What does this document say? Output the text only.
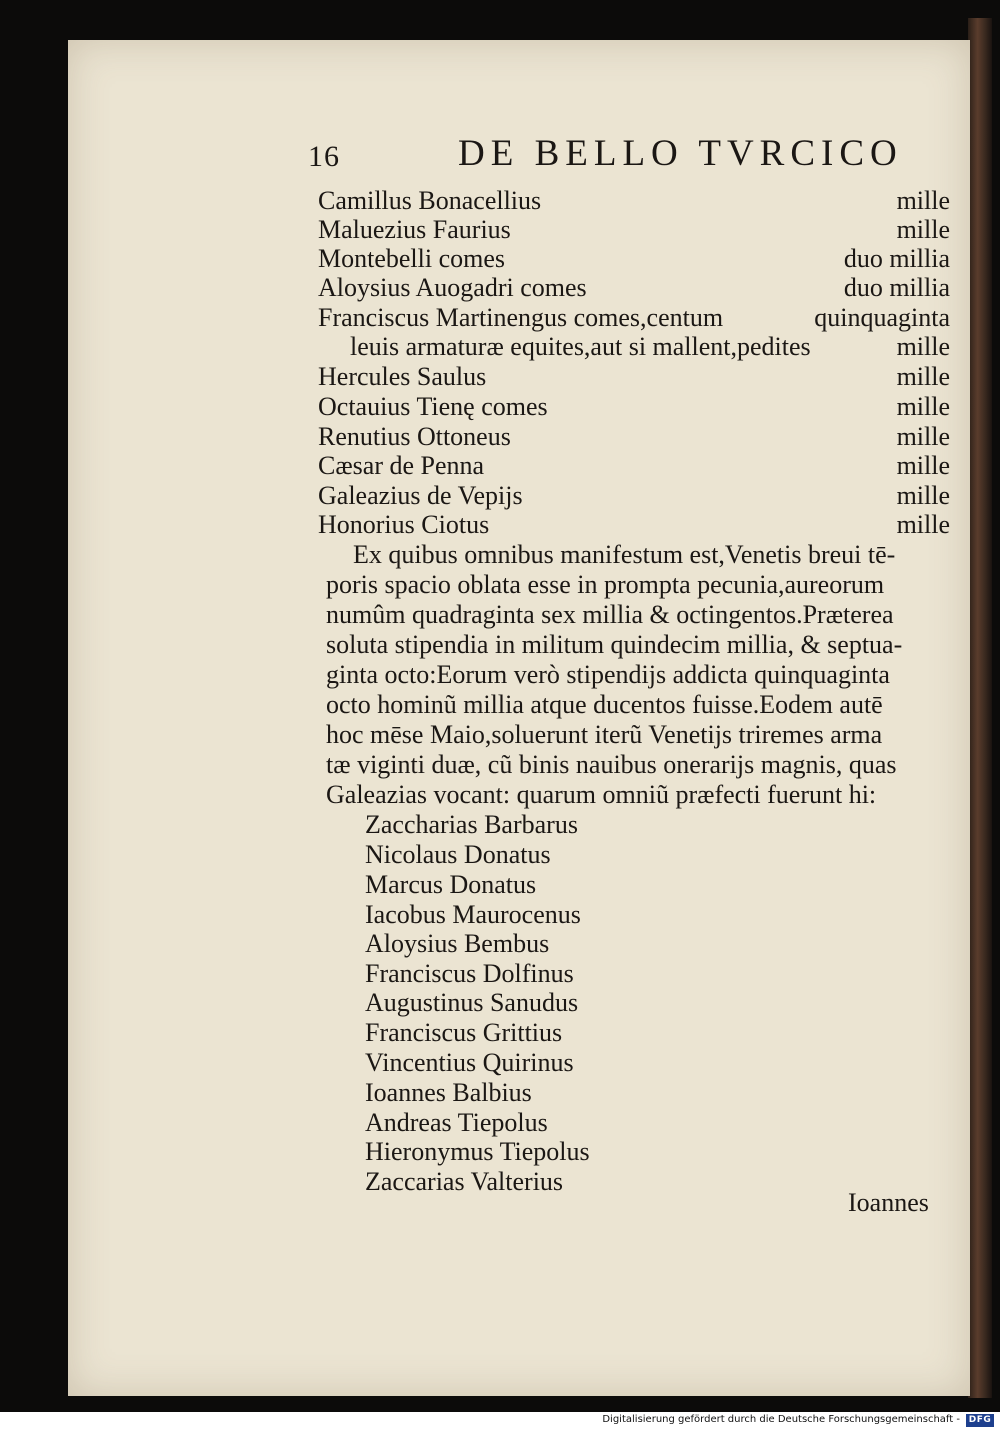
16	DE BELLO TVRCICO
Camillus Bonacellius	mille
Maluezius Faurius	mille
Montebelli comes	duo millia
Aloysius Auogadri comes	duo millia
Franciscus Martinengus comes,centum	quinquaginta
leuis armaturæ equites,aut si mallent,pedites	mille
Hercules Saulus	mille
Octauius Tienę comes	mille
Renutius Ottoneus	mille
Cæsar de Penna	mille
Galeazius de Vepijs	mille
Honorius Ciotus	mille
Ex quibus omnibus manifestum est,Venetis breui tē-
poris spacio oblata esse in prompta pecunia,aureorum
numûm quadraginta sex millia & octingentos.Præterea
soluta stipendia in militum quindecim millia, & septua-
ginta octo:Eorum verò stipendijs addicta quinquaginta
octo hominũ millia atque ducentos fuisse.Eodem autē
hoc mēse Maio,soluerunt iterũ Venetijs triremes arma
tæ viginti duæ, cũ binis nauibus onerarijs magnis, quas
Galeazias vocant: quarum omniũ præfecti fuerunt hi:
Zaccharias Barbarus
Nicolaus Donatus
Marcus Donatus
Iacobus Maurocenus
Aloysius Bembus
Franciscus Dolfinus
Augustinus Sanudus
Franciscus Grittius
Vincentius Quirinus
Ioannes Balbius
Andreas Tiepolus
Hieronymus Tiepolus
Zaccarias Valterius
Ioannes
Digitalisierung gefördert durch die Deutsche Forschungsgemeinschaft - DFG
